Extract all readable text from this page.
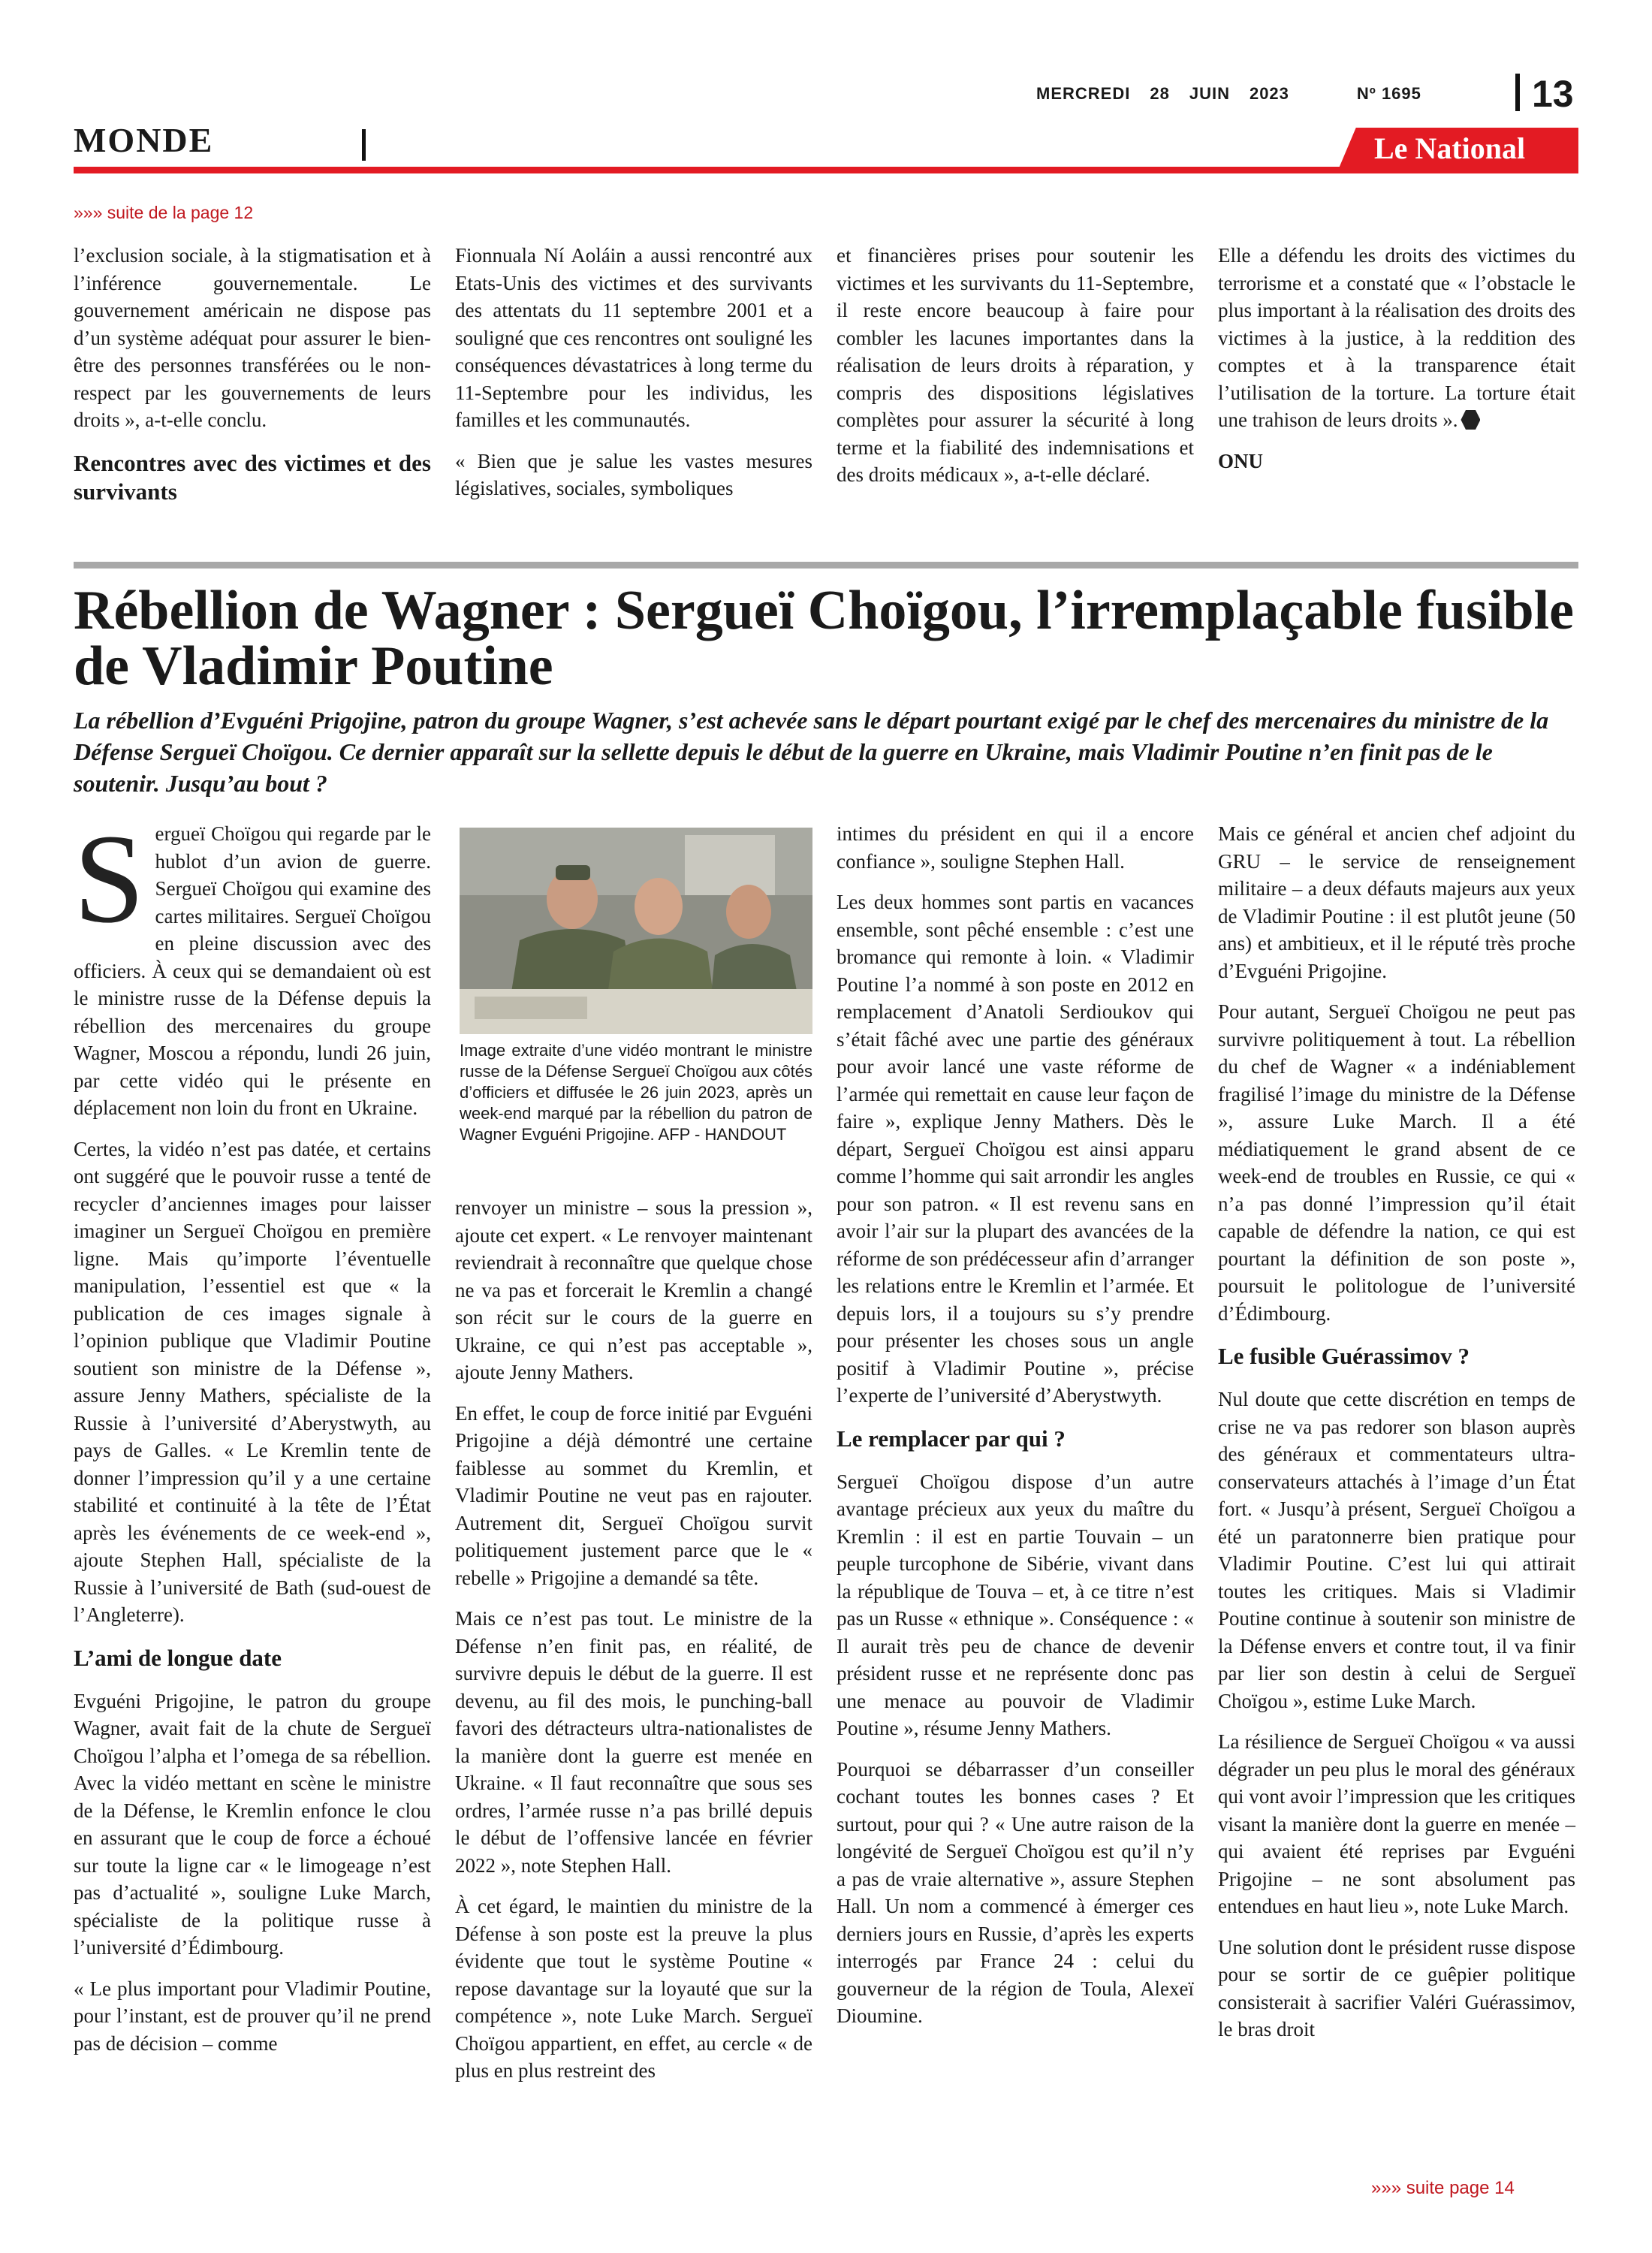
MERCREDI 28 JUIN 2023	Nº 1695	13
MONDE	Le National
»»» suite de la page 12

l’exclusion sociale, à la stigmatisation et à l’inférence gouvernementale. Le gouvernement américain ne dispose pas d’un système adéquat pour assurer le bien-être des personnes transférées ou le non-respect par les gouvernements de leurs droits », a-t-elle conclu.

Rencontres avec des victimes et des survivants

Fionnuala Ní Aoláin a aussi rencontré aux Etats-Unis des victimes et des survivants des attentats du 11 septembre 2001 et a souligné que ces rencontres ont souligné les conséquences dévastatrices à long terme du 11-Septembre pour les individus, les familles et les communautés.

« Bien que je salue les vastes mesures législatives, sociales, symboliques

et financières prises pour soutenir les victimes et les survivants du 11-Septembre, il reste encore beaucoup à faire pour combler les lacunes importantes dans la réalisation de leurs droits à réparation, y compris des dispositions législatives complètes pour assurer la sécurité à long terme et la fiabilité des indemnisations et des droits médicaux », a-t-elle déclaré.

Elle a défendu les droits des victimes du terrorisme et a constaté que « l’obstacle le plus important à la réalisation des droits des victimes à la justice, à la reddition des comptes et à la transparence était l’utilisation de la torture. La torture était une trahison de leurs droits ».

ONU
Rébellion de Wagner : Sergueï Choïgou, l’irremplaçable fusible de Vladimir Poutine
La rébellion d’Evguéni Prigojine, patron du groupe Wagner, s’est achevée sans le départ pourtant exigé par le chef des mercenaires du ministre de la Défense Sergueï Choïgou. Ce dernier apparaît sur la sellette depuis le début de la guerre en Ukraine, mais Vladimir Poutine n’en finit pas de le soutenir. Jusqu’au bout ?

Sergueï Choïgou qui regarde par le hublot d’un avion de guerre. Sergueï Choïgou qui examine des cartes militaires. Sergueï Choïgou en pleine discussion avec des officiers. À ceux qui se demandaient où est le ministre russe de la Défense depuis la rébellion des mercenaires du groupe Wagner, Moscou a répondu, lundi 26 juin, par cette vidéo qui le présente en déplacement non loin du front en Ukraine.

Certes, la vidéo n’est pas datée, et certains ont suggéré que le pouvoir russe a tenté de recycler d’anciennes images pour laisser imaginer un Sergueï Choïgou en première ligne. Mais qu’importe l’éventuelle manipulation, l’essentiel est que « la publication de ces images signale à l’opinion publique que Vladimir Poutine soutient son ministre de la Défense », assure Jenny Mathers, spécialiste de la Russie à l’université d’Aberystwyth, au pays de Galles. « Le Kremlin tente de donner l’impression qu’il y a une certaine stabilité et continuité à la tête de l’État après les événements de ce week-end », ajoute Stephen Hall, spécialiste de la Russie à l’université de Bath (sud-ouest de l’Angleterre).

L’ami de longue date

Evguéni Prigojine, le patron du groupe Wagner, avait fait de la chute de Sergueï Choïgou l’alpha et l’omega de sa rébellion. Avec la vidéo mettant en scène le ministre de la Défense, le Kremlin enfonce le clou en assurant que le coup de force a échoué sur toute la ligne car « le limogeage n’est pas d’actualité », souligne Luke March, spécialiste de la politique russe à l’université d’Édimbourg.

« Le plus important pour Vladimir Poutine, pour l’instant, est de prouver qu’il ne prend pas de décision – comme

Image extraite d’une vidéo montrant le ministre russe de la Défense Sergueï Choïgou aux côtés d’officiers et diffusée le 26 juin 2023, après un week-end marqué par la rébellion du patron de Wagner Evguéni Prigojine. AFP - HANDOUT

renvoyer un ministre – sous la pression », ajoute cet expert. « Le renvoyer maintenant reviendrait à reconnaître que quelque chose ne va pas et forcerait le Kremlin a changé son récit sur le cours de la guerre en Ukraine, ce qui n’est pas acceptable », ajoute Jenny Mathers.

En effet, le coup de force initié par Evguéni Prigojine a déjà démontré une certaine faiblesse au sommet du Kremlin, et Vladimir Poutine ne veut pas en rajouter. Autrement dit, Sergueï Choïgou survit politiquement justement parce que le « rebelle » Prigojine a demandé sa tête.

Mais ce n’est pas tout. Le ministre de la Défense n’en finit pas, en réalité, de survivre depuis le début de la guerre. Il est devenu, au fil des mois, le punching-ball favori des détracteurs ultra-nationalistes de la manière dont la guerre est menée en Ukraine. « Il faut reconnaître que sous ses ordres, l’armée russe n’a pas brillé depuis le début de l’offensive lancée en février 2022 », note Stephen Hall.

À cet égard, le maintien du ministre de la Défense à son poste est la preuve la plus évidente que tout le système Poutine « repose davantage sur la loyauté que sur la compétence », note Luke March. Sergueï Choïgou appartient, en effet, au cercle « de plus en plus restreint des

intimes du président en qui il a encore confiance », souligne Stephen Hall.

Les deux hommes sont partis en vacances ensemble, sont pêché ensemble : c’est une bromance qui remonte à loin. « Vladimir Poutine l’a nommé à son poste en 2012 en remplacement d’Anatoli Serdioukov qui s’était fâché avec une partie des généraux pour avoir lancé une vaste réforme de l’armée qui remettait en cause leur façon de faire », explique Jenny Mathers. Dès le départ, Sergueï Choïgou est ainsi apparu comme l’homme qui sait arrondir les angles pour son patron. « Il est revenu sans en avoir l’air sur la plupart des avancées de la réforme de son prédécesseur afin d’arranger les relations entre le Kremlin et l’armée. Et depuis lors, il a toujours su s’y prendre pour présenter les choses sous un angle positif à Vladimir Poutine », précise l’experte de l’université d’Aberystwyth.

Le remplacer par qui ?

Sergueï Choïgou dispose d’un autre avantage précieux aux yeux du maître du Kremlin : il est en partie Touvain – un peuple turcophone de Sibérie, vivant dans la république de Touva – et, à ce titre n’est pas un Russe « ethnique ». Conséquence : « Il aurait très peu de chance de devenir président russe et ne représente donc pas une menace au pouvoir de Vladimir Poutine », résume Jenny Mathers.

Pourquoi se débarrasser d’un conseiller cochant toutes les bonnes cases ? Et surtout, pour qui ? « Une autre raison de la longévité de Sergueï Choïgou est qu’il n’y a pas de vraie alternative », assure Stephen Hall. Un nom a commencé à émerger ces derniers jours en Russie, d’après les experts interrogés par France 24 : celui du gouverneur de la région de Toula, Alexeï Dioumine.

Mais ce général et ancien chef adjoint du GRU – le service de renseignement militaire – a deux défauts majeurs aux yeux de Vladimir Poutine : il est plutôt jeune (50 ans) et ambitieux, et il le réputé très proche d’Evguéni Prigojine.

Pour autant, Sergueï Choïgou ne peut pas survivre politiquement à tout. La rébellion du chef de Wagner « a indéniablement fragilisé l’image du ministre de la Défense », assure Luke March. Il a été médiatiquement le grand absent de ce week-end de troubles en Russie, ce qui « n’a pas donné l’impression qu’il était capable de défendre la nation, ce qui est pourtant la définition de son poste », poursuit le politologue de l’université d’Édimbourg.

Le fusible Guérassimov ?

Nul doute que cette discrétion en temps de crise ne va pas redorer son blason auprès des généraux et commentateurs ultra-conservateurs attachés à l’image d’un État fort. « Jusqu’à présent, Sergueï Choïgou a été un paratonnerre bien pratique pour Vladimir Poutine. C’est lui qui attirait toutes les critiques. Mais si Vladimir Poutine continue à soutenir son ministre de la Défense envers et contre tout, il va finir par lier son destin à celui de Sergueï Choïgou », estime Luke March.

La résilience de Sergueï Choïgou « va aussi dégrader un peu plus le moral des généraux qui vont avoir l’impression que les critiques visant la manière dont la guerre en menée – qui avaient été reprises par Evguéni Prigojine – ne sont absolument pas entendues en haut lieu », note Luke March.

Une solution dont le président russe dispose pour se sortir de ce guêpier politique consisterait à sacrifier Valéri Guérassimov, le bras droit

»»» suite page 14
